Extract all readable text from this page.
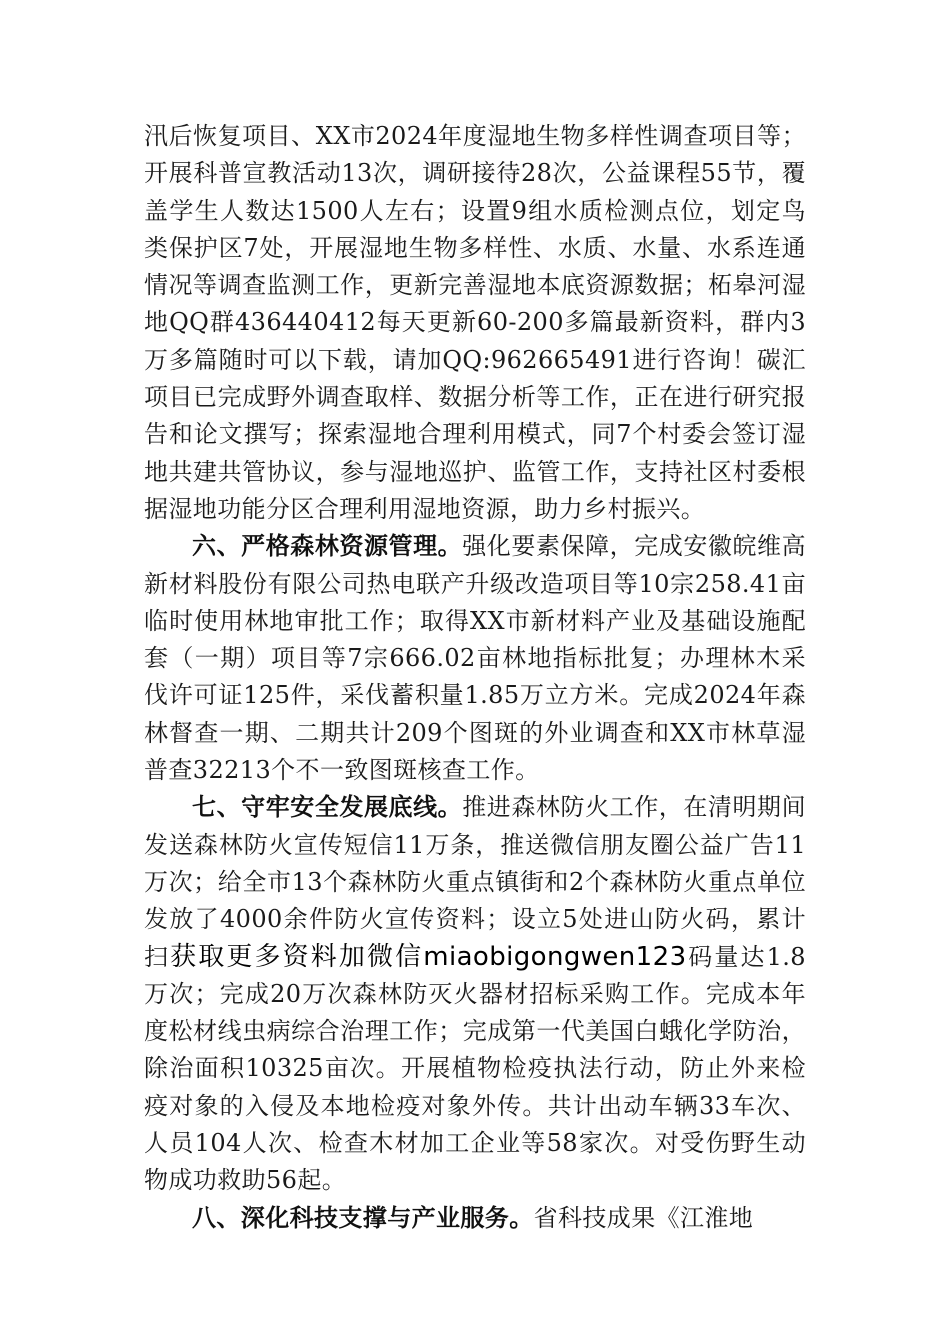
汛后恢复项目、XX市2024年度湿地生物多样性调查项目等；开展科普宣教活动13次，调研接待28次，公益课程55节，覆盖学生人数达1500人左右；设置9组水质检测点位，划定鸟类保护区7处，开展湿地生物多样性、水质、水量、水系连通情况等调查监测工作，更新完善湿地本底资源数据；柘皋河湿地QQ群436440412每天更新60-200多篇最新资料，群内3万多篇随时可以下载，请加QQ:962665491进行咨询！碳汇项目已完成野外调查取样、数据分析等工作，正在进行研究报告和论文撰写；探索湿地合理利用模式，同7个村委会签订湿地共建共管协议，参与湿地巡护、监管工作，支持社区村委根据湿地功能分区合理利用湿地资源，助力乡村振兴。

六、严格森林资源管理。强化要素保障，完成安徽皖维高新材料股份有限公司热电联产升级改造项目等10宗258.41亩临时使用林地审批工作；取得XX市新材料产业及基础设施配套（一期）项目等7宗666.02亩林地指标批复；办理林木采伐许可证125件，采伐蓄积量1.85万立方米。完成2024年森林督查一期、二期共计209个图斑的外业调查和XX市林草湿普查32213个不一致图斑核查工作。

七、守牢安全发展底线。推进森林防火工作，在清明期间发送森林防火宣传短信11万条，推送微信朋友圈公益广告11万次；给全市13个森林防火重点镇街和2个森林防火重点单位发放了4000余件防火宣传资料；设立5处进山防火码，累计扫获取更多资料加微信miaobigongwen123码量达1.8万次；完成20万次森林防灭火器材招标采购工作。完成本年度松材线虫病综合治理工作；完成第一代美国白蛾化学防治，除治面积10325亩次。开展植物检疫执法行动，防止外来检疫对象的入侵及本地检疫对象外传。共计出动车辆33车次、人员104人次、检查木材加工企业等58家次。对受伤野生动物成功救助56起。

八、深化科技支撑与产业服务。省科技成果《江淮地
